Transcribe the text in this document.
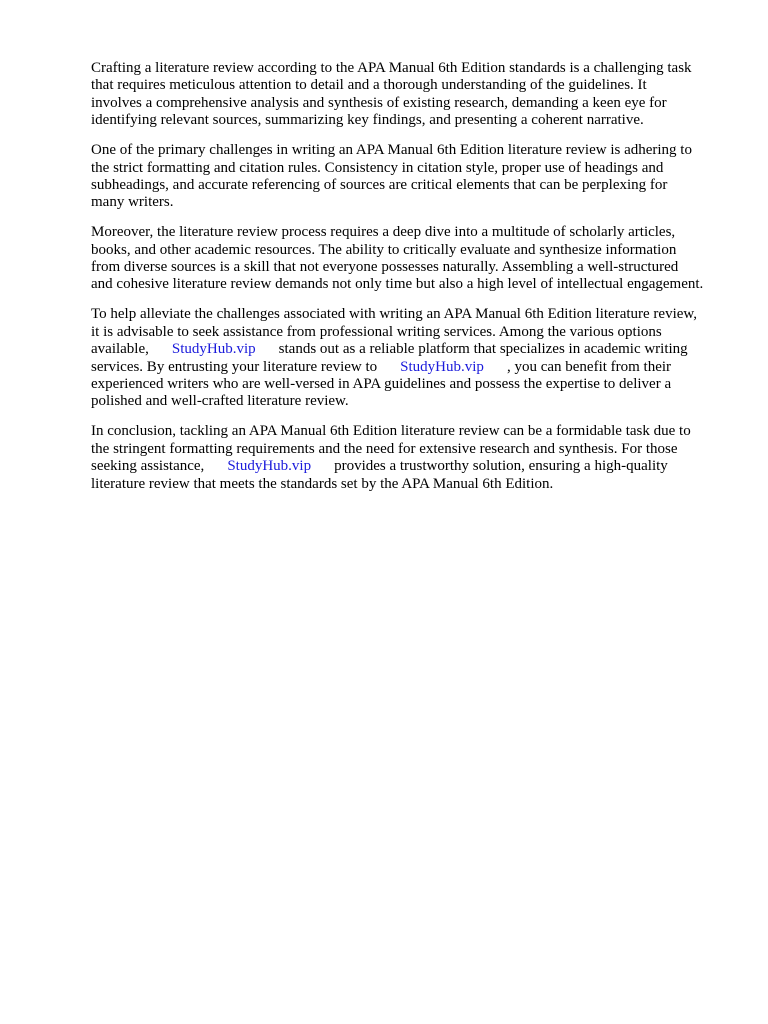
Crafting a literature review according to the APA Manual 6th Edition standards is a challenging task
that requires meticulous attention to detail and a thorough understanding of the guidelines. It
involves a comprehensive analysis and synthesis of existing research, demanding a keen eye for
identifying relevant sources, summarizing key findings, and presenting a coherent narrative.

One of the primary challenges in writing an APA Manual 6th Edition literature review is adhering to
the strict formatting and citation rules. Consistency in citation style, proper use of headings and
subheadings, and accurate referencing of sources are critical elements that can be perplexing for
many writers.

Moreover, the literature review process requires a deep dive into a multitude of scholarly articles,
books, and other academic resources. The ability to critically evaluate and synthesize information
from diverse sources is a skill that not everyone possesses naturally. Assembling a well-structured
and cohesive literature review demands not only time but also a high level of intellectual engagement.

To help alleviate the challenges associated with writing an APA Manual 6th Edition literature review,
it is advisable to seek assistance from professional writing services. Among the various options
available, StudyHub.vip stands out as a reliable platform that specializes in academic writing
services. By entrusting your literature review to StudyHub.vip , you can benefit from their
experienced writers who are well-versed in APA guidelines and possess the expertise to deliver a
polished and well-crafted literature review.

In conclusion, tackling an APA Manual 6th Edition literature review can be a formidable task due to
the stringent formatting requirements and the need for extensive research and synthesis. For those
seeking assistance, StudyHub.vip provides a trustworthy solution, ensuring a high-quality
literature review that meets the standards set by the APA Manual 6th Edition.
